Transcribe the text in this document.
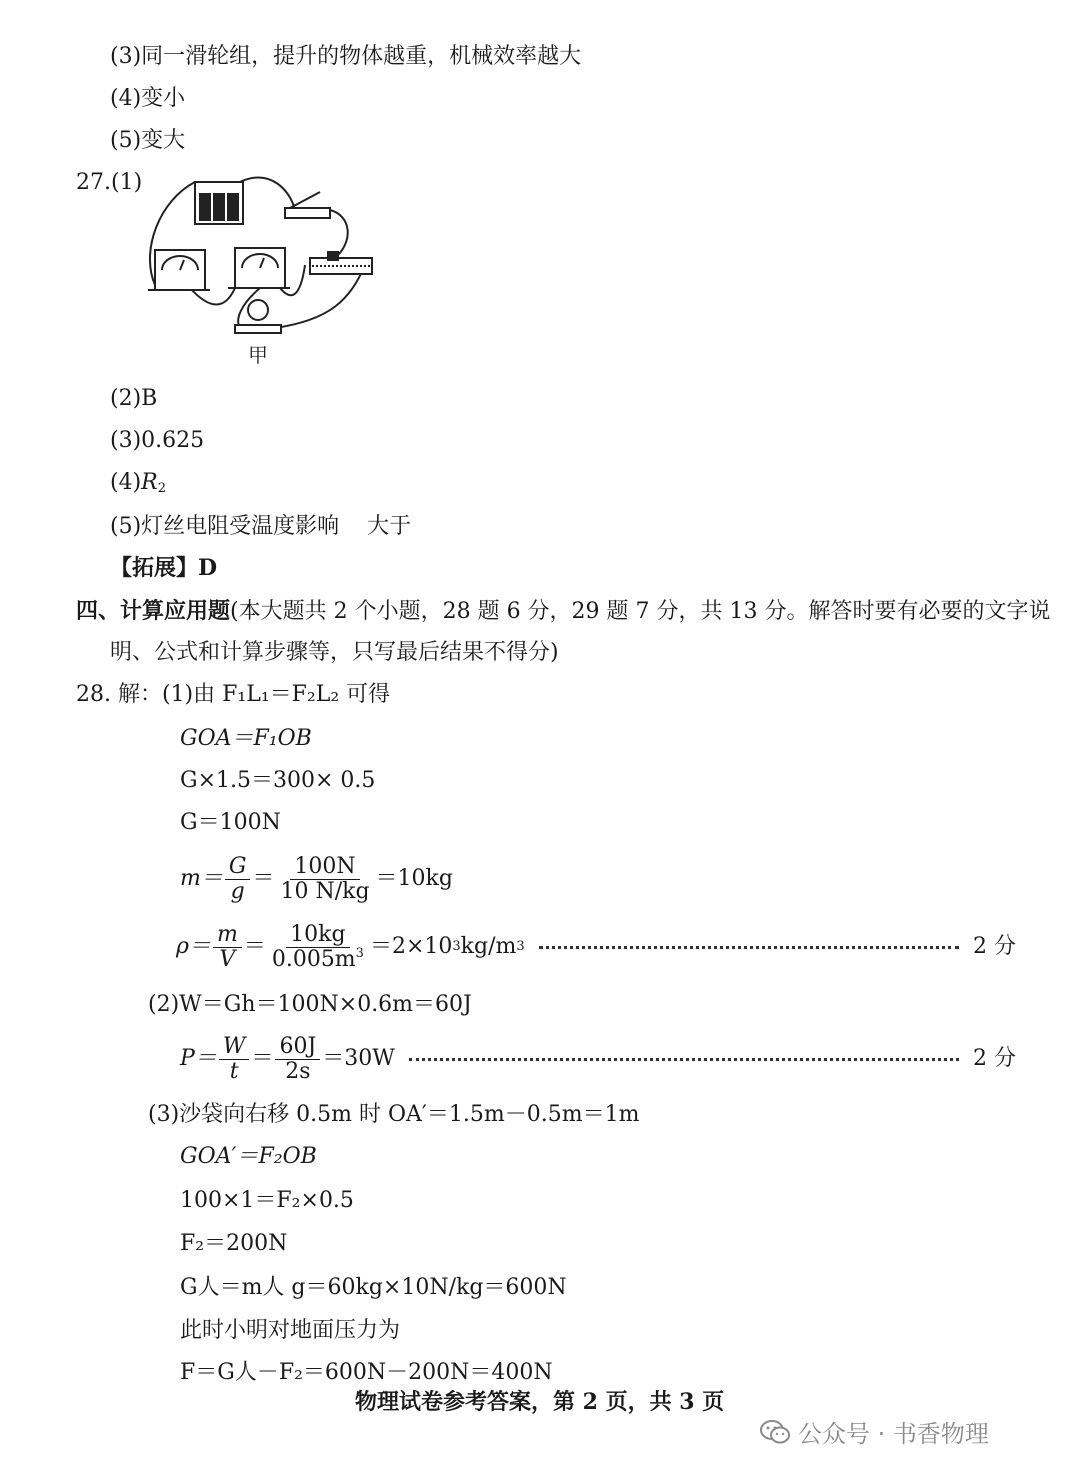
(3)同一滑轮组，提升的物体越重，机械效率越大
(4)变小
(5)变大
27.(1)
甲
(2)B
(3)0.625
$(4)R_2$
(5)灯丝电阻受温度影响    大于
【拓展】D
四、计算应用题(本大题共 2 个小题，28 题 6 分，29 题 7 分，共 13 分。解答时要有必要的文字说
明、公式和计算步骤等，只写最后结果不得分)
28. 解：(1)由 F₁L₁＝F₂L₂ 可得
GOA＝F₁OB
G×1.5＝300× 0.5
G＝100N
$m= \frac{G}{g} = \frac{100N}{10 N/kg} =10kg$
$\rho= \frac{m}{V} = \frac{10kg}{0.005m^3} =2\times 10$ 3 kg/m 3	2 分
(2)W＝Gh＝100N×0.6m＝60J
$P= \frac{W}{t} = \frac{60J}{2s} =30W$	2 分
(3)沙袋向右移 0.5m 时 OA′＝1.5m－0.5m＝1m
GOA′＝F₂OB
100×1＝F₂×0.5
F₂＝200N
G人＝m人 g＝60kg×10N/kg＝600N
此时小明对地面压力为
F＝G人－F₂＝600N－200N＝400N
物理试卷参考答案，第 2 页，共 3 页
公众号 · 书香物理
